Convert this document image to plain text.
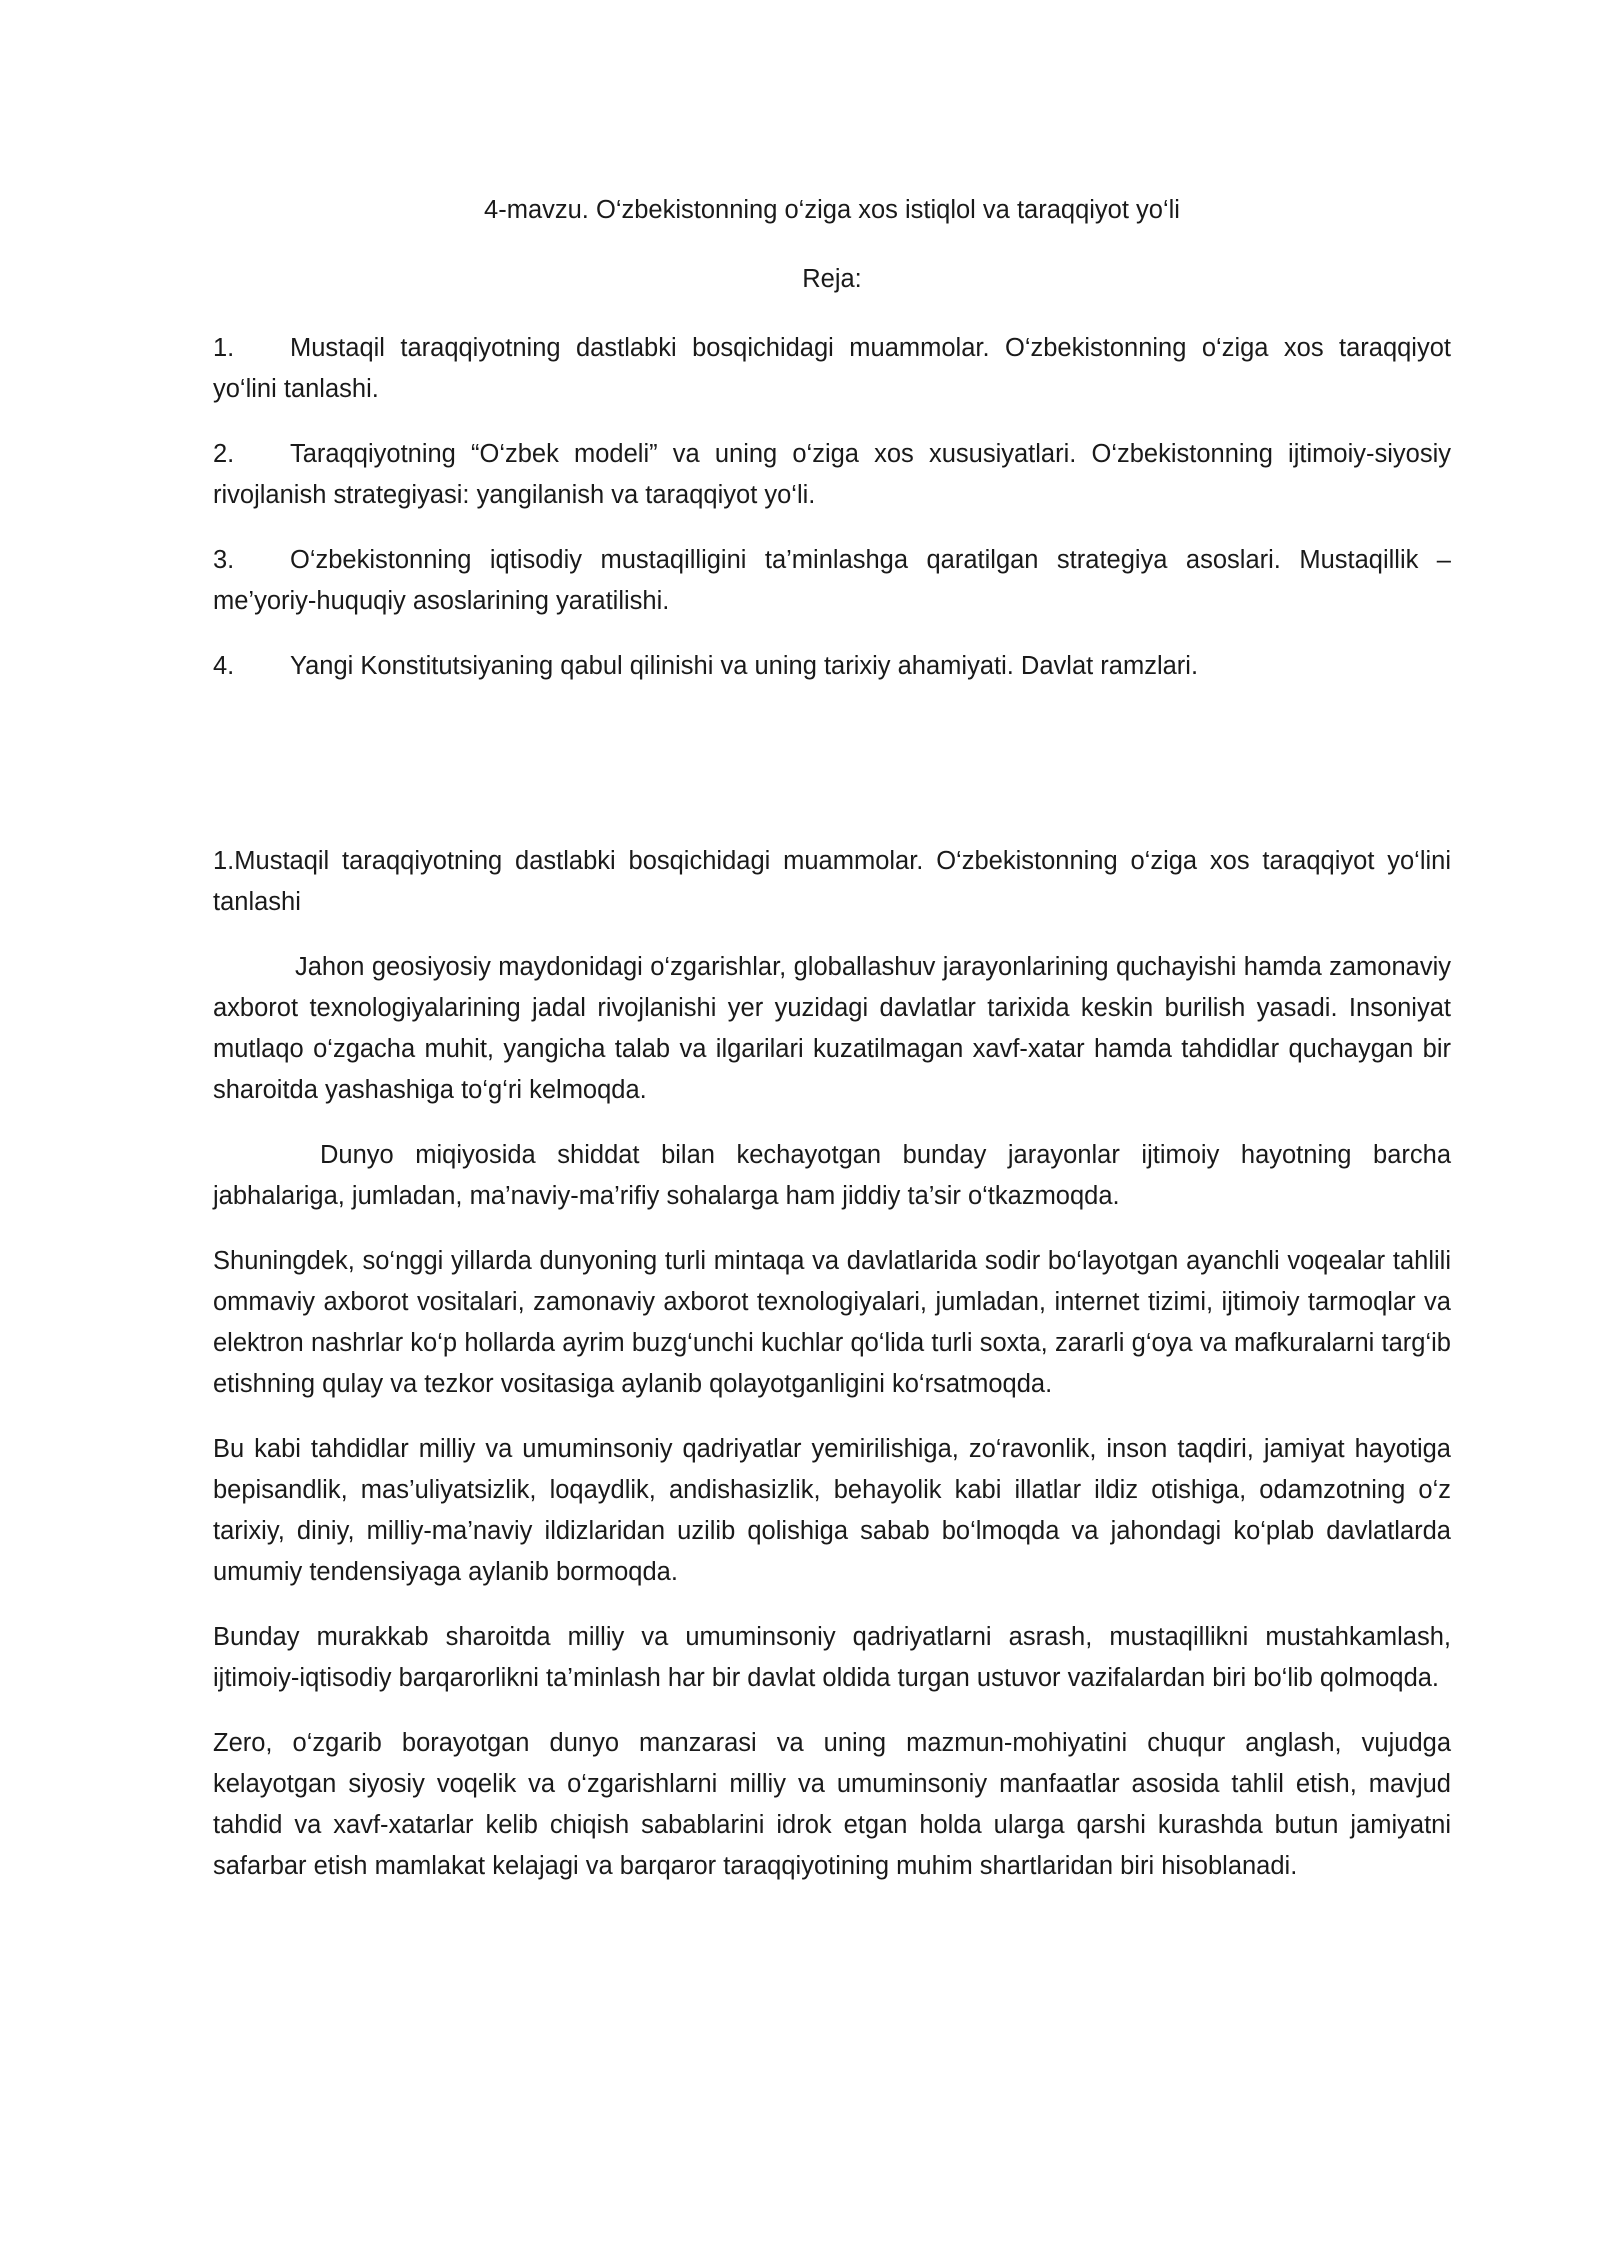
4-mavzu. O‘zbekistonning o‘ziga xos istiqlol va taraqqiyot yo‘li

Reja:

1. Mustaqil taraqqiyotning dastlabki bosqichidagi muammolar. O‘zbekistonning o‘ziga xos taraqqiyot yo‘lini tanlashi.
2. Taraqqiyotning “O‘zbek modeli” va uning o‘ziga xos xususiyatlari. O‘zbekistonning ijtimoiy-siyosiy rivojlanish strategiyasi: yangilanish va taraqqiyot yo‘li.
3. O‘zbekistonning iqtisodiy mustaqilligini ta’minlashga qaratilgan strategiya asoslari. Mustaqillik – me’yoriy-huquqiy asoslarining yaratilishi.
4. Yangi Konstitutsiyaning qabul qilinishi va uning tarixiy ahamiyati. Davlat ramzlari.

1.Mustaqil taraqqiyotning dastlabki bosqichidagi muammolar. O‘zbekistonning o‘ziga xos taraqqiyot yo‘lini tanlashi

Jahon geosiyosiy maydonidagi o‘zgarishlar, globallashuv jarayonlarining quchayishi hamda zamonaviy axborot texnologiyalarining jadal rivojlanishi yer yuzidagi davlatlar tarixida keskin burilish yasadi. Insoniyat mutlaqo o‘zgacha muhit, yangicha talab va ilgarilari kuzatilmagan xavf-xatar hamda tahdidlar quchaygan bir sharoitda yashashiga to‘g‘ri kelmoqda.

Dunyo miqiyosida shiddat bilan kechayotgan bunday jarayonlar ijtimoiy hayotning barcha jabhalariga, jumladan, ma’naviy-ma’rifiy sohalarga ham jiddiy ta’sir o‘tkazmoqda.

Shuningdek, so‘nggi yillarda dunyoning turli mintaqa va davlatlarida sodir bo‘layotgan ayanchli voqealar tahlili ommaviy axborot vositalari, zamonaviy axborot texnologiyalari, jumladan, internet tizimi, ijtimoiy tarmoqlar va elektron nashrlar ko‘p hollarda ayrim buzg‘unchi kuchlar qo‘lida turli soxta, zararli g‘oya va mafkuralarni targ‘ib etishning qulay va tezkor vositasiga aylanib qolayotganligini ko‘rsatmoqda.

Bu kabi tahdidlar milliy va umuminsoniy qadriyatlar yemirilishiga, zo‘ravonlik, inson taqdiri, jamiyat hayotiga bepisandlik, mas’uliyatsizlik, loqaydlik, andishasizlik, behayolik kabi illatlar ildiz otishiga, odamzotning o‘z tarixiy, diniy, milliy-ma’naviy ildizlaridan uzilib qolishiga sabab bo‘lmoqda va jahondagi ko‘plab davlatlarda umumiy tendensiyaga aylanib bormoqda.

Bunday murakkab sharoitda milliy va umuminsoniy qadriyatlarni asrash, mustaqillikni mustahkamlash, ijtimoiy-iqtisodiy barqarorlikni ta’minlash har bir davlat oldida turgan ustuvor vazifalardan biri bo‘lib qolmoqda.

Zero, o‘zgarib borayotgan dunyo manzarasi va uning mazmun-mohiyatini chuqur anglash, vujudga kelayotgan siyosiy voqelik va o‘zgarishlarni milliy va umuminsoniy manfaatlar asosida tahlil etish, mavjud tahdid va xavf-xatarlar kelib chiqish sabablarini idrok etgan holda ularga qarshi kurashda butun jamiyatni safarbar etish mamlakat kelajagi va barqaror taraqqiyotining muhim shartlaridan biri hisoblanadi.
